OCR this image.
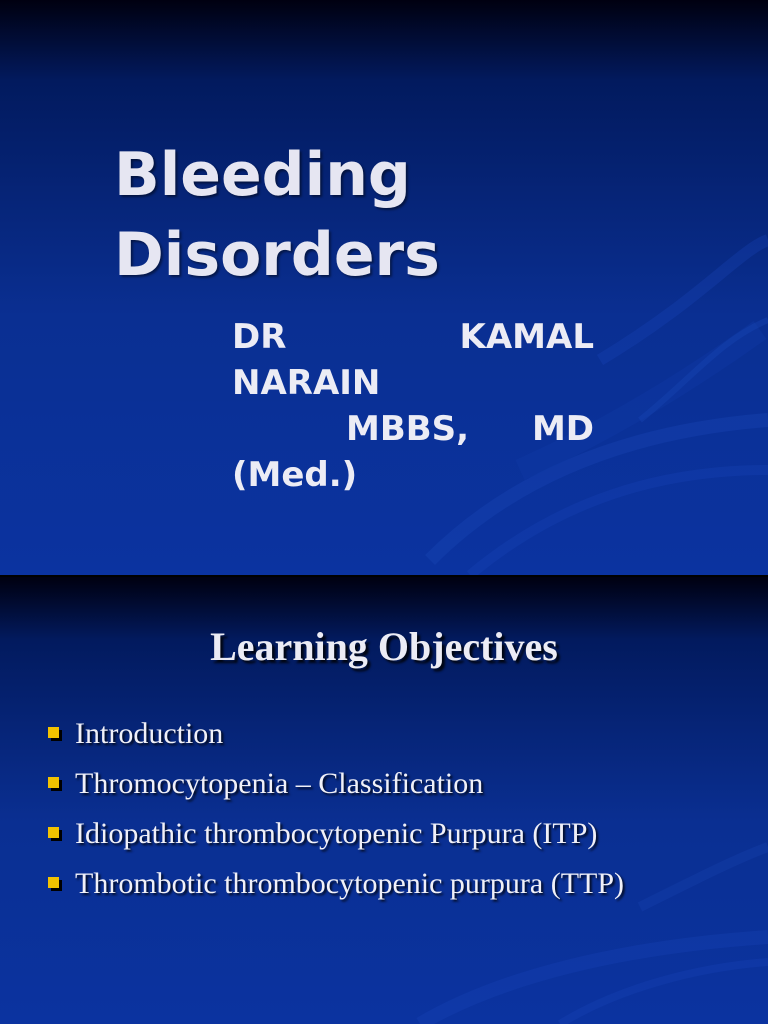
Bleeding
Disorders
DR	KAMAL
NARAIN
MBBS, MD
(Med.)
Learning Objectives
Introduction
Thromocytopenia – Classification
Idiopathic thrombocytopenic Purpura (ITP)
Thrombotic thrombocytopenic purpura (TTP)
